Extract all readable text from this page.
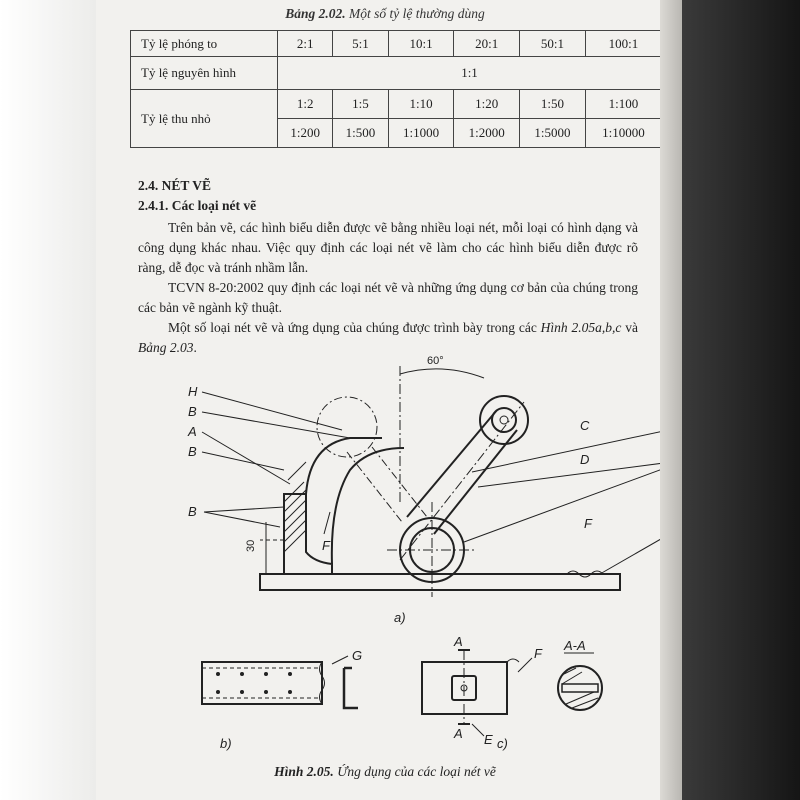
Bảng 2.02. Một số tỷ lệ thường dùng
Tỷ lệ phóng to	2:1	5:1	10:1	20:1	50:1	100:1
Tỷ lệ nguyên hình	1:1					
Tỷ lệ thu nhỏ	1:2	1:5	1:10	1:20	1:50	1:100
	1:200	1:500	1:1000	1:2000	1:5000	1:10000
2.4. NÉT VẼ
2.4.1. Các loại nét vẽ
Trên bản vẽ, các hình biểu diễn được vẽ bằng nhiều loại nét, mỗi loại có hình dạng và công dụng khác nhau. Việc quy định các loại nét vẽ làm cho các hình biểu diễn được rõ ràng, dễ đọc và tránh nhầm lẫn.
TCVN 8-20:2002 quy định các loại nét vẽ và những ứng dụng cơ bản của chúng trong các bản vẽ ngành kỹ thuật.
Một số loại nét vẽ và ứng dụng của chúng được trình bày trong các Hình 2.05a,b,c và Bảng 2.03.
60°
30
H
B
A
B
B
C
D
F
F
a)
G
b)
A
A E
F
A-A
c)
Hình 2.05. Ứng dụng của các loại nét vẽ
